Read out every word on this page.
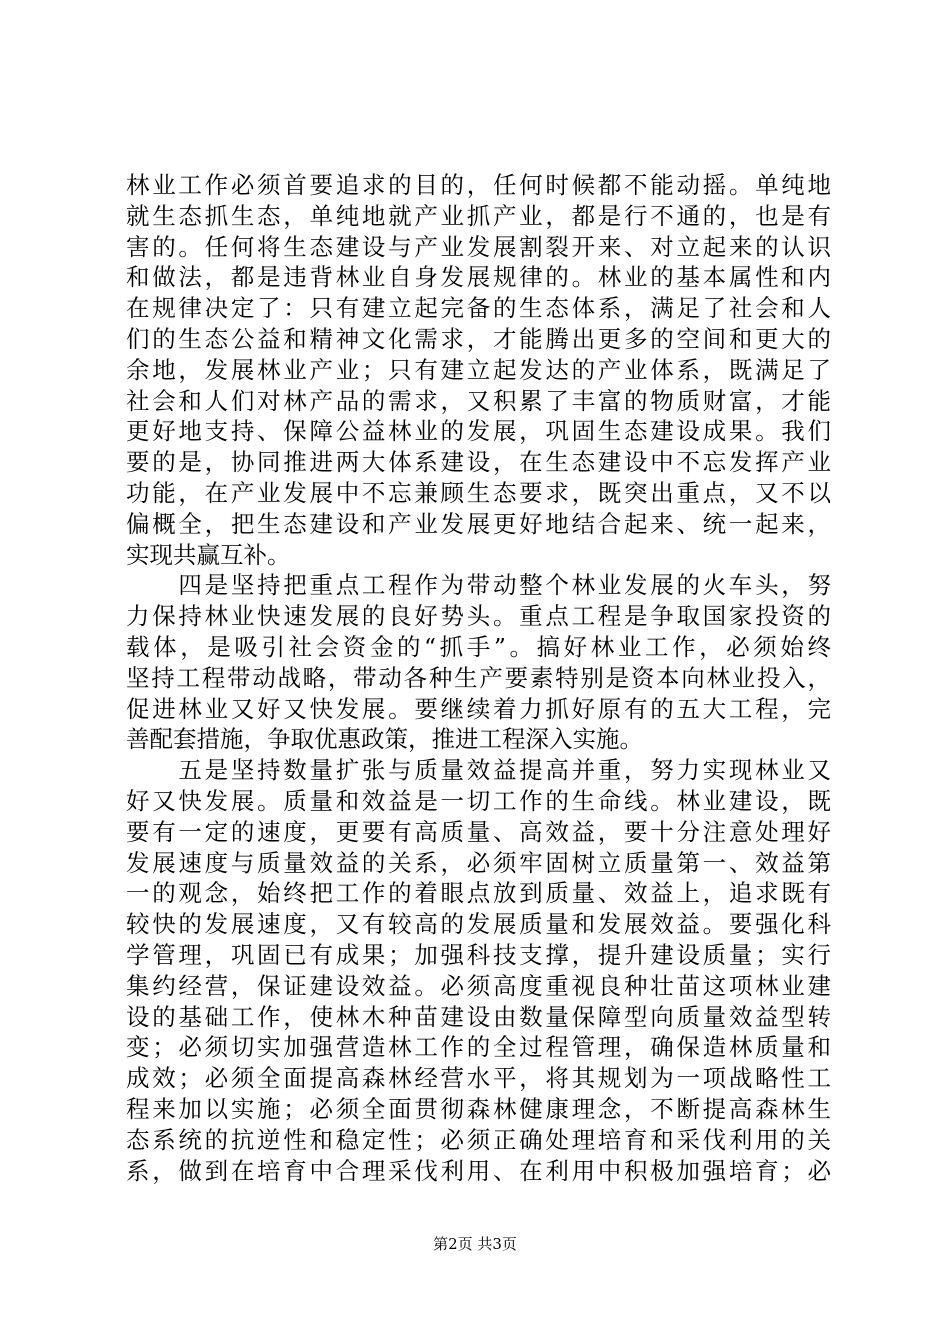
林业工作必须首要追求的目的，任何时候都不能动摇。单纯地
就生态抓生态，单纯地就产业抓产业，都是行不通的，也是有
害的。任何将生态建设与产业发展割裂开来、对立起来的认识
和做法，都是违背林业自身发展规律的。林业的基本属性和内
在规律决定了：只有建立起完备的生态体系，满足了社会和人
们的生态公益和精神文化需求，才能腾出更多的空间和更大的
余地，发展林业产业；只有建立起发达的产业体系，既满足了
社会和人们对林产品的需求，又积累了丰富的物质财富，才能
更好地支持、保障公益林业的发展，巩固生态建设成果。我们
要的是，协同推进两大体系建设，在生态建设中不忘发挥产业
功能，在产业发展中不忘兼顾生态要求，既突出重点，又不以
偏概全，把生态建设和产业发展更好地结合起来、统一起来，
实现共赢互补。
　　四是坚持把重点工程作为带动整个林业发展的火车头，努
力保持林业快速发展的良好势头。重点工程是争取国家投资的
载体，是吸引社会资金的“抓手”。搞好林业工作，必须始终
坚持工程带动战略，带动各种生产要素特别是资本向林业投入，
促进林业又好又快发展。要继续着力抓好原有的五大工程，完
善配套措施，争取优惠政策，推进工程深入实施。
　　五是坚持数量扩张与质量效益提高并重，努力实现林业又
好又快发展。质量和效益是一切工作的生命线。林业建设，既
要有一定的速度，更要有高质量、高效益，要十分注意处理好
发展速度与质量效益的关系，必须牢固树立质量第一、效益第
一的观念，始终把工作的着眼点放到质量、效益上，追求既有
较快的发展速度，又有较高的发展质量和发展效益。要强化科
学管理，巩固已有成果；加强科技支撑，提升建设质量；实行
集约经营，保证建设效益。必须高度重视良种壮苗这项林业建
设的基础工作，使林木种苗建设由数量保障型向质量效益型转
变；必须切实加强营造林工作的全过程管理，确保造林质量和
成效；必须全面提高森林经营水平，将其规划为一项战略性工
程来加以实施；必须全面贯彻森林健康理念，不断提高森林生
态系统的抗逆性和稳定性；必须正确处理培育和采伐利用的关
系，做到在培育中合理采伐利用、在利用中积极加强培育；必
第2页 共3页
